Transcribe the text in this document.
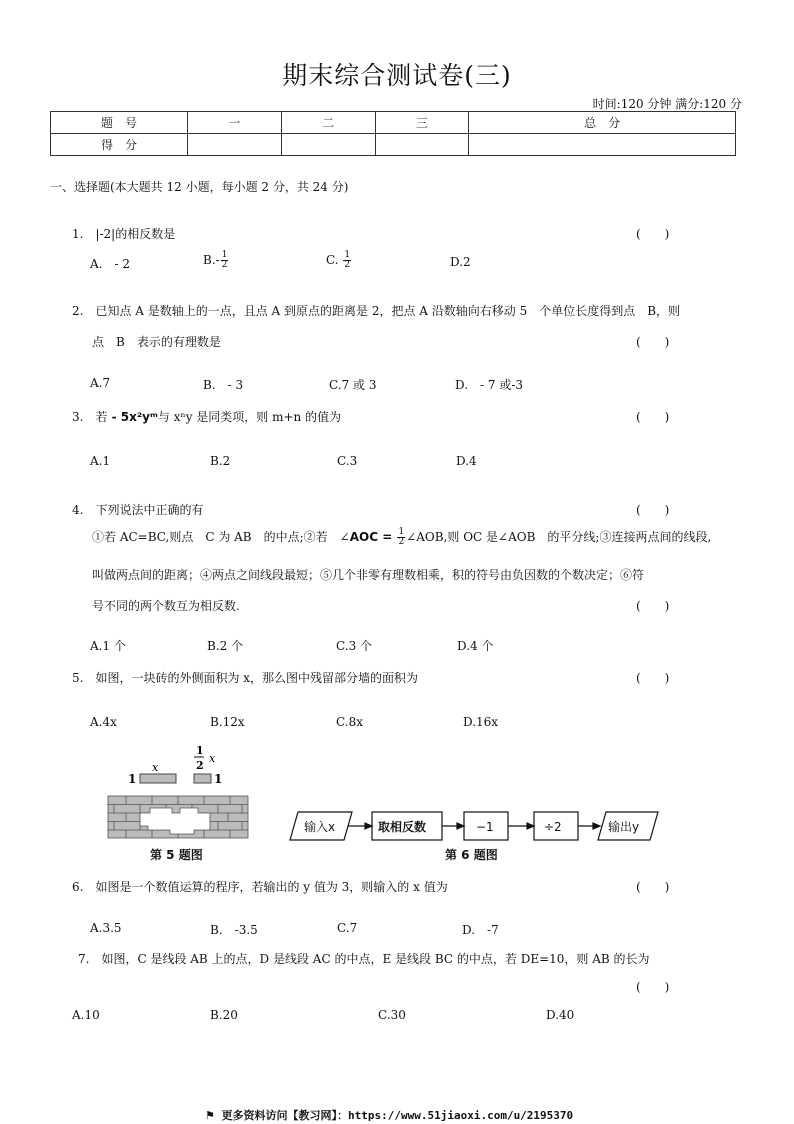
期末综合测试卷(三)
时间:120 分钟 满分:120 分
题　号	一	二	三	总　分
得　分				
一、选择题(本大题共 12 小题，每小题 2 分，共 24 分)
1.　|-2|的相反数是	(　　)
A.　- 2	$B.- \frac{1}{2}$	C. $\frac{1}{2}$	D.2
2.　已知点 A 是数轴上的一点，且点 A 到原点的距离是 2，把点 A 沿数轴向右移动 5　个单位长度得到点　B，则
点　B　表示的有理数是	(　　)
A.7	B.　- 3	C.7 或 3	D.　- 7 或-3
3.　若 - 5x²yᵐ与 xⁿy 是同类项，则 m+n 的值为	(　　)
A.1	B.2	C.3	D.4
4.　下列说法中正确的有	(　　)
①若 AC=BC,则点　C 为 AB　的中点;②若　∠AOC = $\frac{1}{2}$ ∠AOB,则 OC 是∠AOB　的平分线;③连接两点间的线段,
叫做两点间的距离；④两点之间线段最短；⑤几个非零有理数相乘，积的符号由负因数的个数决定；⑥符
号不同的两个数互为相反数.	(　　)
A.1 个	B.2 个	C.3 个	D.4 个
5.　如图，一块砖的外侧面积为 x，那么图中残留部分墙的面积为	(　　)
A.4x	B.12x	C.8x	D.16x
x
1	1
1
2
x
第 5 题图
输入x	取相反数	−1	÷2	输出y
第 6 题图
6.　如图是一个数值运算的程序，若输出的 y 值为 3，则输入的 x 值为	(　　)
A.3.5	B.　-3.5	C.7	D.　-7
7.　如图，C 是线段 AB 上的点，D 是线段 AC 的中点，E 是线段 BC 的中点，若 DE=10，则 AB 的长为
(　　)
A.10	B.20	C.30	D.40
⚑ 更多资料访问【教习网】：https://www.51jiaoxi.com/u/2195370
